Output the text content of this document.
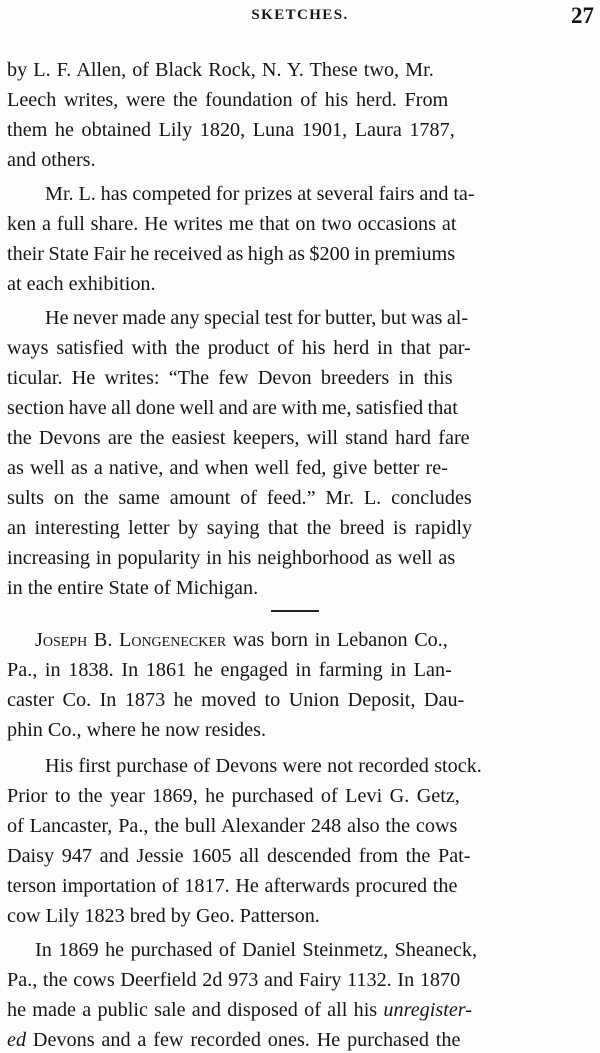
SKETCHES.	27
by L. F. Allen, of Black Rock, N. Y. These two, Mr.
Leech writes, were the foundation of his herd. From
them he obtained Lily 1820, Luna 1901, Laura 1787,
and others.
Mr. L. has competed for prizes at several fairs and ta-
ken a full share. He writes me that on two occasions at
their State Fair he received as high as $200 in premiums
at each exhibition.
He never made any special test for butter, but was al-
ways satisfied with the product of his herd in that par-
ticular. He writes: “The few Devon breeders in this
section have all done well and are with me, satisfied that
the Devons are the easiest keepers, will stand hard fare
as well as a native, and when well fed, give better re-
sults on the same amount of feed.” Mr. L. concludes
an interesting letter by saying that the breed is rapidly
increasing in popularity in his neighborhood as well as
in the entire State of Michigan.
Joseph B. Longenecker was born in Lebanon Co.,
Pa., in 1838. In 1861 he engaged in farming in Lan-
caster Co. In 1873 he moved to Union Deposit, Dau-
phin Co., where he now resides.
His first purchase of Devons were not recorded stock.
Prior to the year 1869, he purchased of Levi G. Getz,
of Lancaster, Pa., the bull Alexander 248 also the cows
Daisy 947 and Jessie 1605 all descended from the Pat-
terson importation of 1817. He afterwards procured the
cow Lily 1823 bred by Geo. Patterson.
In 1869 he purchased of Daniel Steinmetz, Sheaneck,
Pa., the cows Deerfield 2d 973 and Fairy 1132. In 1870
he made a public sale and disposed of all his unregister-
ed Devons and a few recorded ones. He purchased the
